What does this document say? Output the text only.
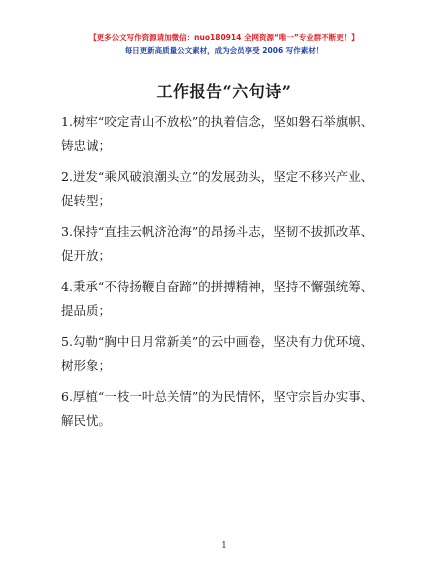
【更多公文写作资源请加微信：nuo180914 全网资源“唯一”专业群不断更！】
每日更新高质量公文素材，成为会员享受 2006 写作素材！
工作报告“六句诗”
1.树牢“咬定青山不放松”的执着信念，坚如磐石举旗帜、
铸忠诚；
2.迸发“乘风破浪潮头立”的发展劲头，坚定不移兴产业、
促转型；
3.保持“直挂云帆济沧海”的昂扬斗志，坚韧不拔抓改革、
促开放；
4.秉承“不待扬鞭自奋蹄”的拼搏精神，坚持不懈强统筹、
提品质；
5.勾勒“胸中日月常新美”的云中画卷，坚决有力优环境、
树形象；
6.厚植“一枝一叶总关情”的为民情怀，坚守宗旨办实事、
解民忧。
1
